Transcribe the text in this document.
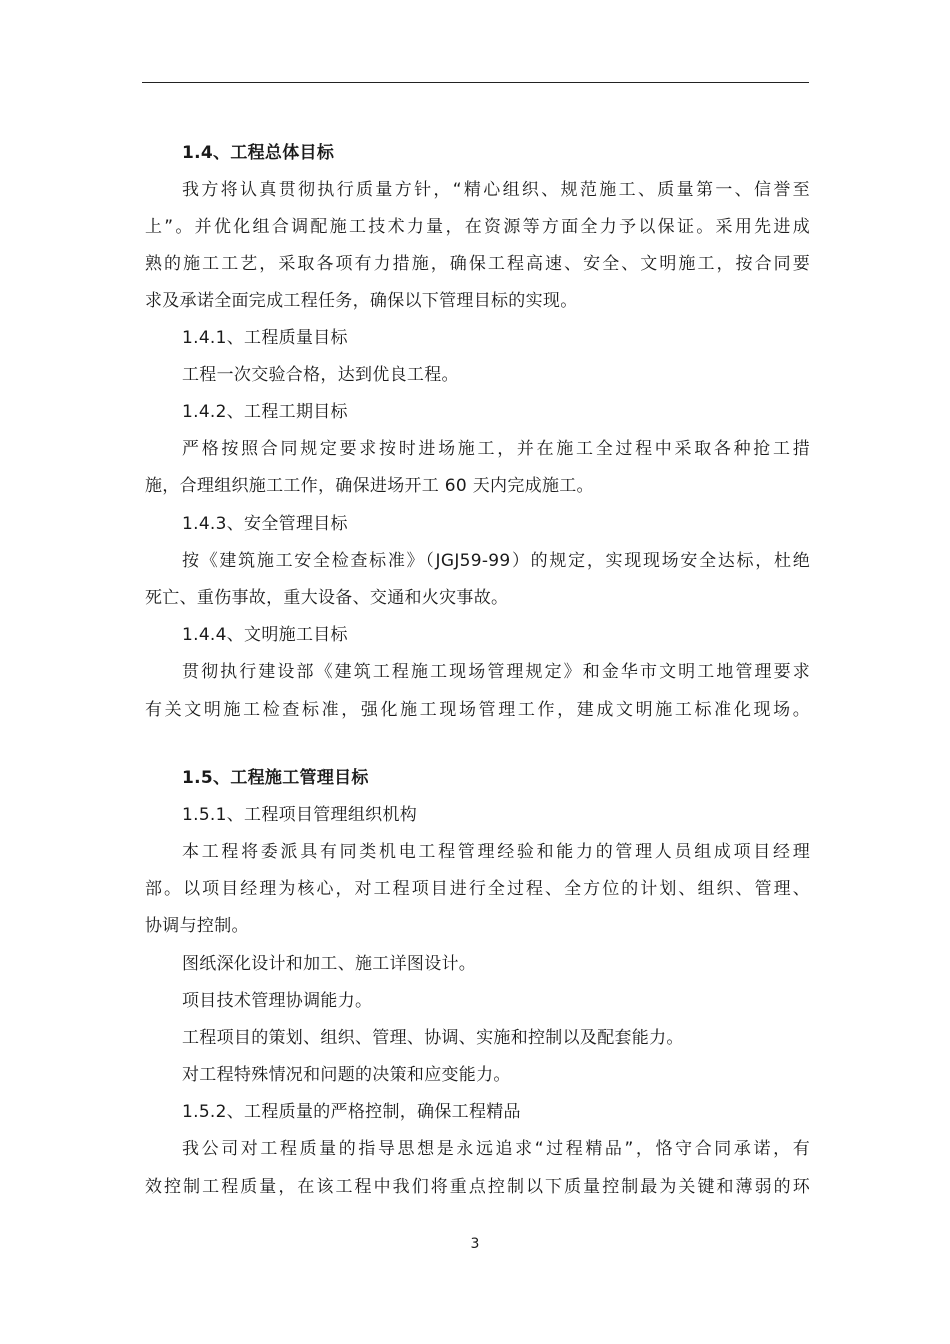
1.4、工程总体目标
我方将认真贯彻执行质量方针，“精心组织、规范施工、质量第一、信誉至
上”。并优化组合调配施工技术力量，在资源等方面全力予以保证。采用先进成
熟的施工工艺，采取各项有力措施，确保工程高速、安全、文明施工，按合同要
求及承诺全面完成工程任务，确保以下管理目标的实现。
1.4.1、工程质量目标
工程一次交验合格，达到优良工程。
1.4.2、工程工期目标
严格按照合同规定要求按时进场施工，并在施工全过程中采取各种抢工措
施，合理组织施工工作，确保进场开工 60 天内完成施工。
1.4.3、安全管理目标
按《建筑施工安全检查标准》（JGJ59-99）的规定，实现现场安全达标，杜绝
死亡、重伤事故，重大设备、交通和火灾事故。
1.4.4、文明施工目标
贯彻执行建设部《建筑工程施工现场管理规定》和金华市文明工地管理要求
有关文明施工检查标准，强化施工现场管理工作，建成文明施工标准化现场。
1.5、工程施工管理目标
1.5.1、工程项目管理组织机构
本工程将委派具有同类机电工程管理经验和能力的管理人员组成项目经理
部。以项目经理为核心，对工程项目进行全过程、全方位的计划、组织、管理、
协调与控制。
图纸深化设计和加工、施工详图设计。
项目技术管理协调能力。
工程项目的策划、组织、管理、协调、实施和控制以及配套能力。
对工程特殊情况和问题的决策和应变能力。
1.5.2、工程质量的严格控制，确保工程精品
我公司对工程质量的指导思想是永远追求“过程精品”，恪守合同承诺，有
效控制工程质量，在该工程中我们将重点控制以下质量控制最为关键和薄弱的环
3
